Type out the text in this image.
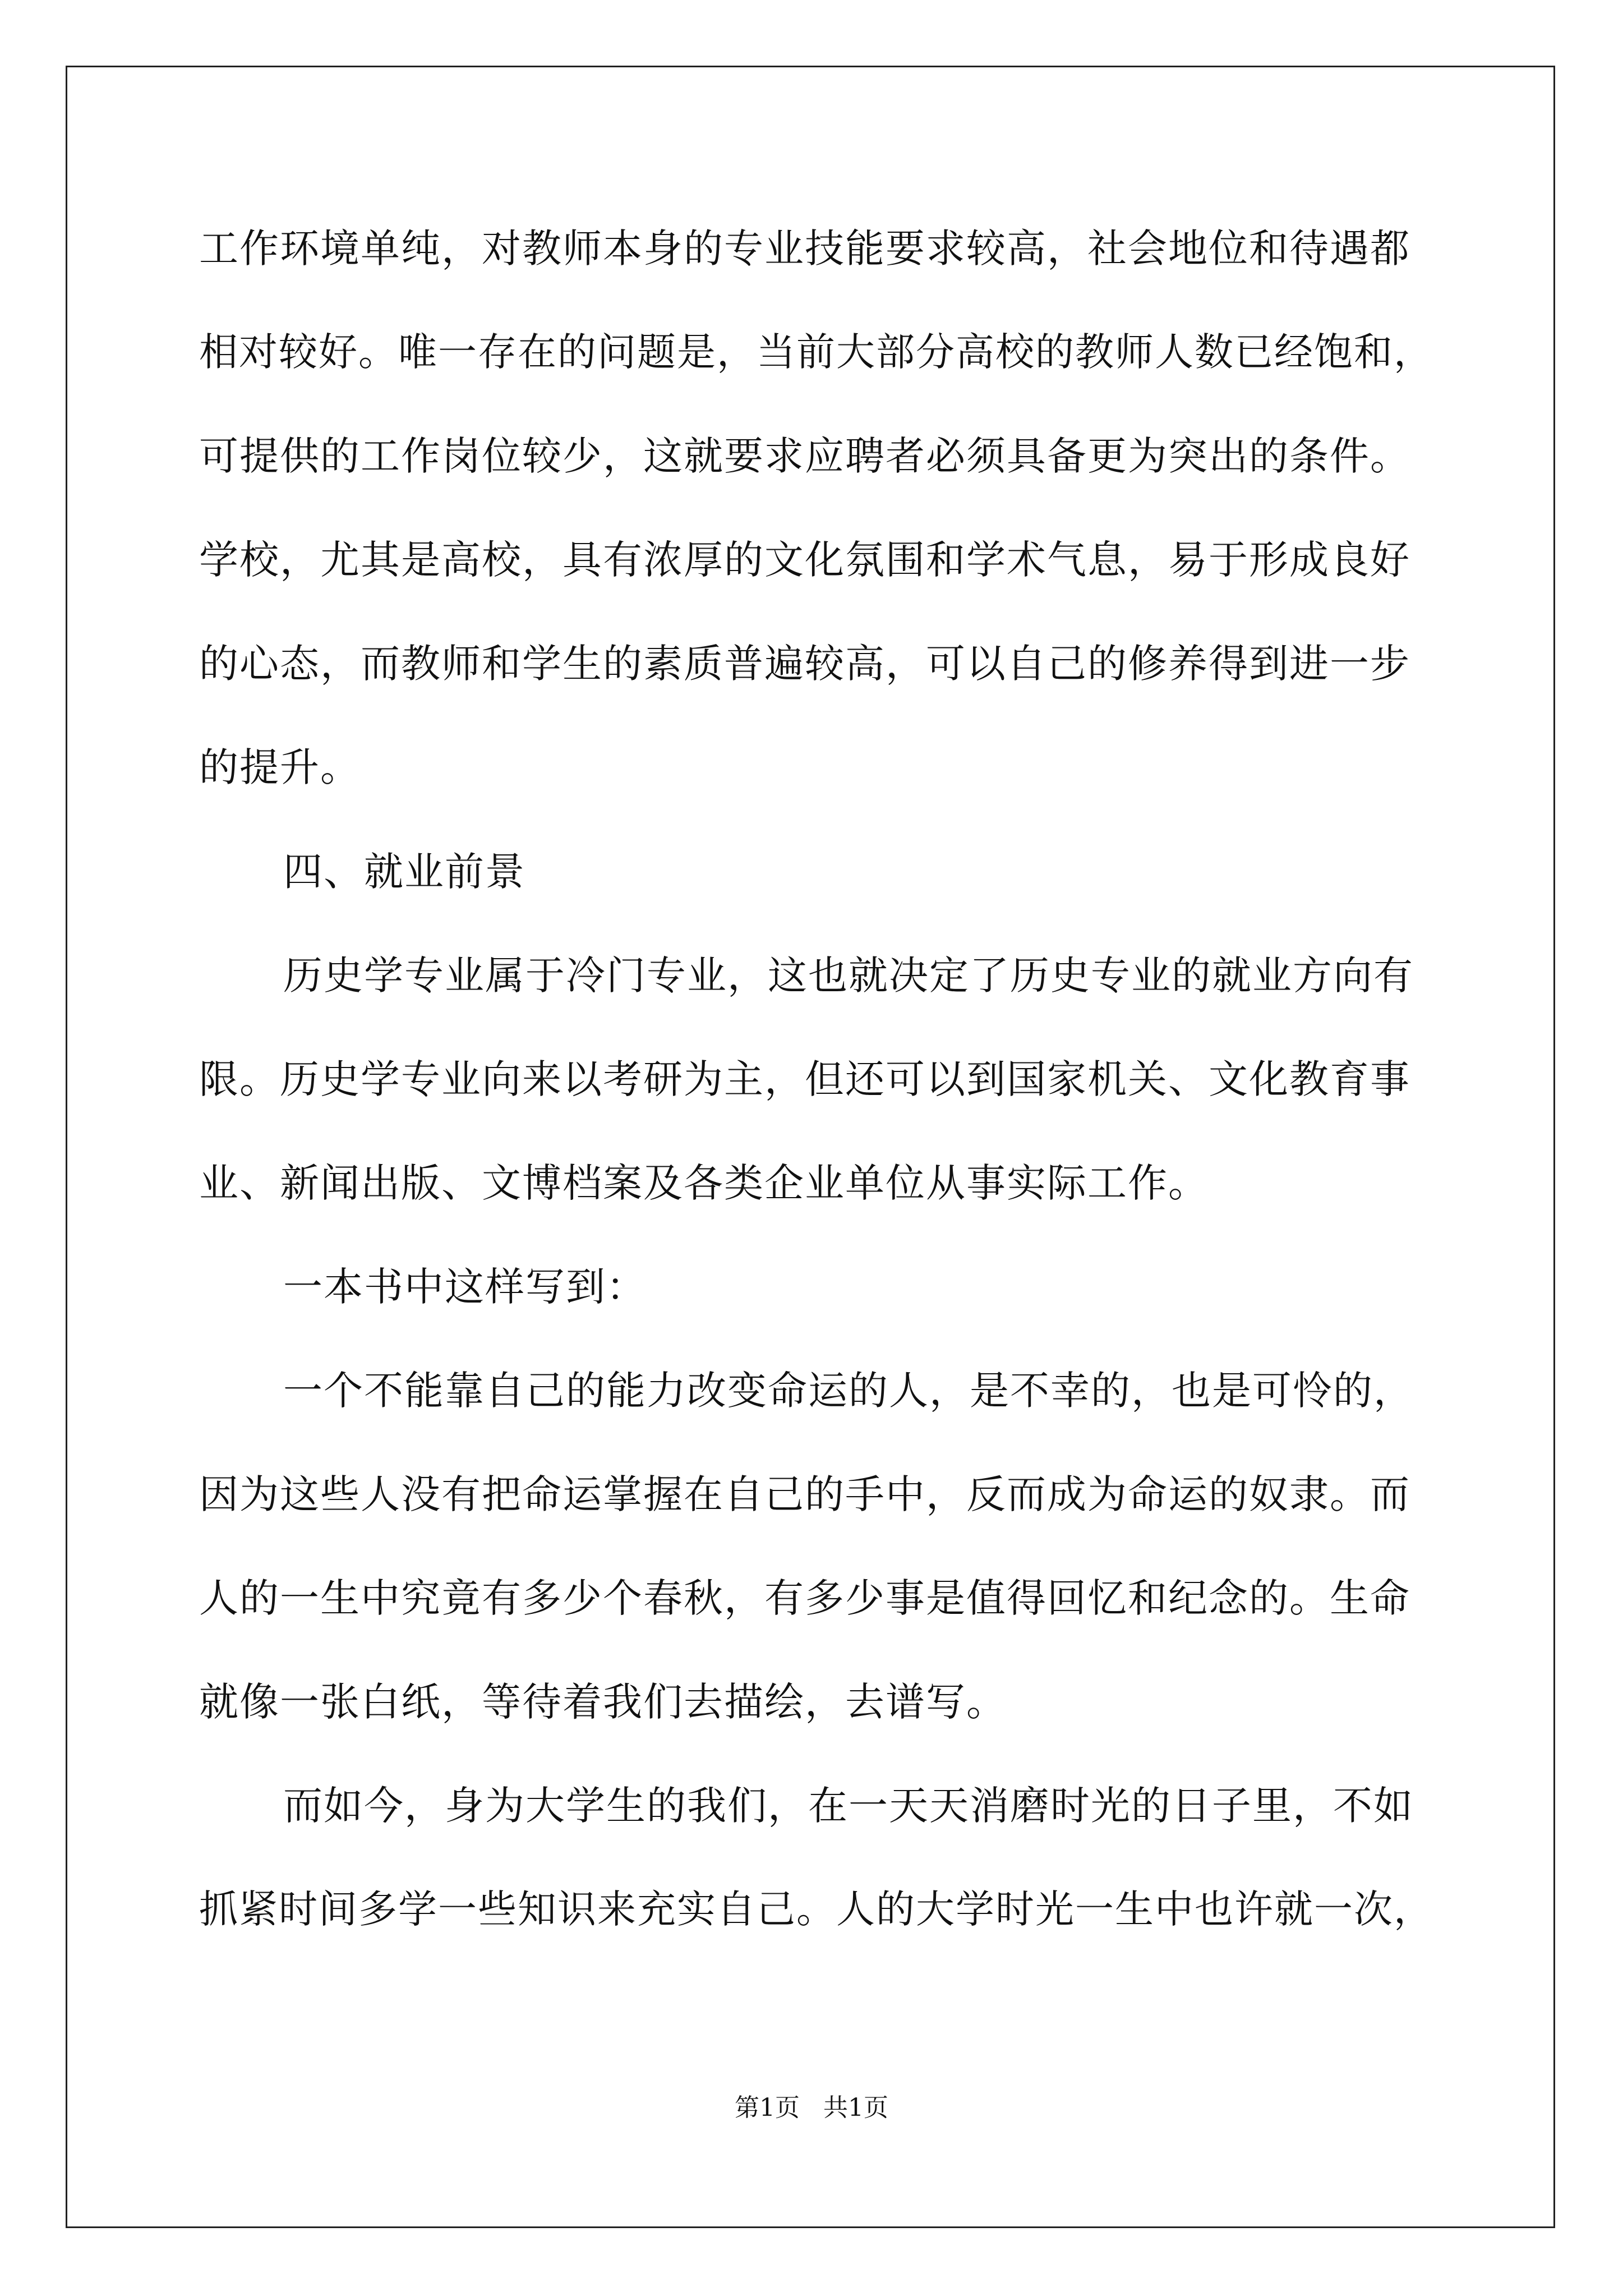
工作环境单纯，对教师本身的专业技能要求较高，社会地位和待遇都
相对较好。唯一存在的问题是，当前大部分高校的教师人数已经饱和，
可提供的工作岗位较少，这就要求应聘者必须具备更为突出的条件。
学校，尤其是高校，具有浓厚的文化氛围和学术气息，易于形成良好
的心态，而教师和学生的素质普遍较高，可以自己的修养得到进一步
的提升。
四、就业前景
历史学专业属于冷门专业，这也就决定了历史专业的就业方向有
限。历史学专业向来以考研为主，但还可以到国家机关、文化教育事
业、新闻出版、文博档案及各类企业单位从事实际工作。
一本书中这样写到：
一个不能靠自己的能力改变命运的人，是不幸的，也是可怜的，
因为这些人没有把命运掌握在自己的手中，反而成为命运的奴隶。而
人的一生中究竟有多少个春秋，有多少事是值得回忆和纪念的。生命
就像一张白纸，等待着我们去描绘，去谱写。
而如今，身为大学生的我们，在一天天消磨时光的日子里，不如
抓紧时间多学一些知识来充实自己。人的大学时光一生中也许就一次，
第1页   共1页
